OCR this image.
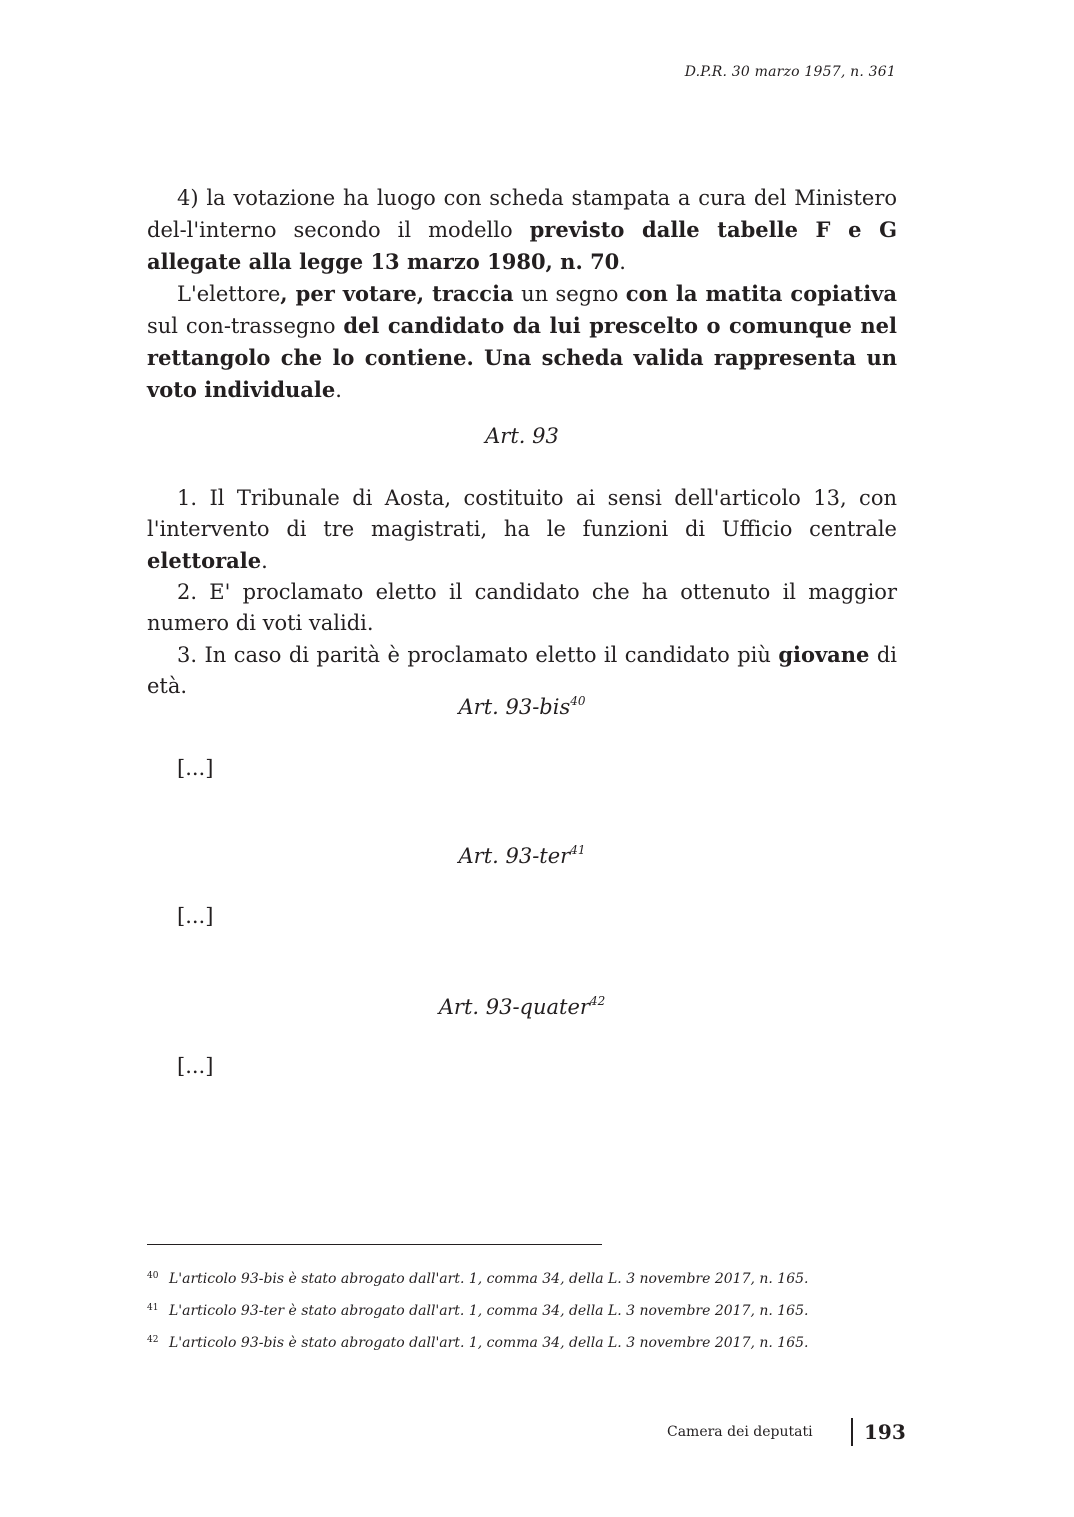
D.P.R. 30 marzo 1957, n. 361

4) la votazione ha luogo con scheda stampata a cura del Ministero del-l'interno secondo il modello previsto dalle tabelle F e G allegate alla legge 13 marzo 1980, n. 70.

L'elettore, per votare, traccia un segno con la matita copiativa sul con-trassegno del candidato da lui prescelto o comunque nel rettangolo che lo contiene. Una scheda valida rappresenta un voto individuale.

Art. 93

1. Il Tribunale di Aosta, costituito ai sensi dell'articolo 13, con l'intervento di tre magistrati, ha le funzioni di Ufficio centrale elettorale.

2. E' proclamato eletto il candidato che ha ottenuto il maggior numero di voti validi.

3. In caso di parità è proclamato eletto il candidato più giovane di età.

Art. 93-bis$^{40}$
[...]
Art. 93-ter$^{41}$
[...]
Art. 93-quater$^{42}$
[...]
40 L'articolo 93-bis è stato abrogato dall'art. 1, comma 34, della L. 3 novembre 2017, n. 165.
41 L'articolo 93-ter è stato abrogato dall'art. 1, comma 34, della L. 3 novembre 2017, n. 165.
42 L'articolo 93-bis è stato abrogato dall'art. 1, comma 34, della L. 3 novembre 2017, n. 165.
Camera dei deputati	193
